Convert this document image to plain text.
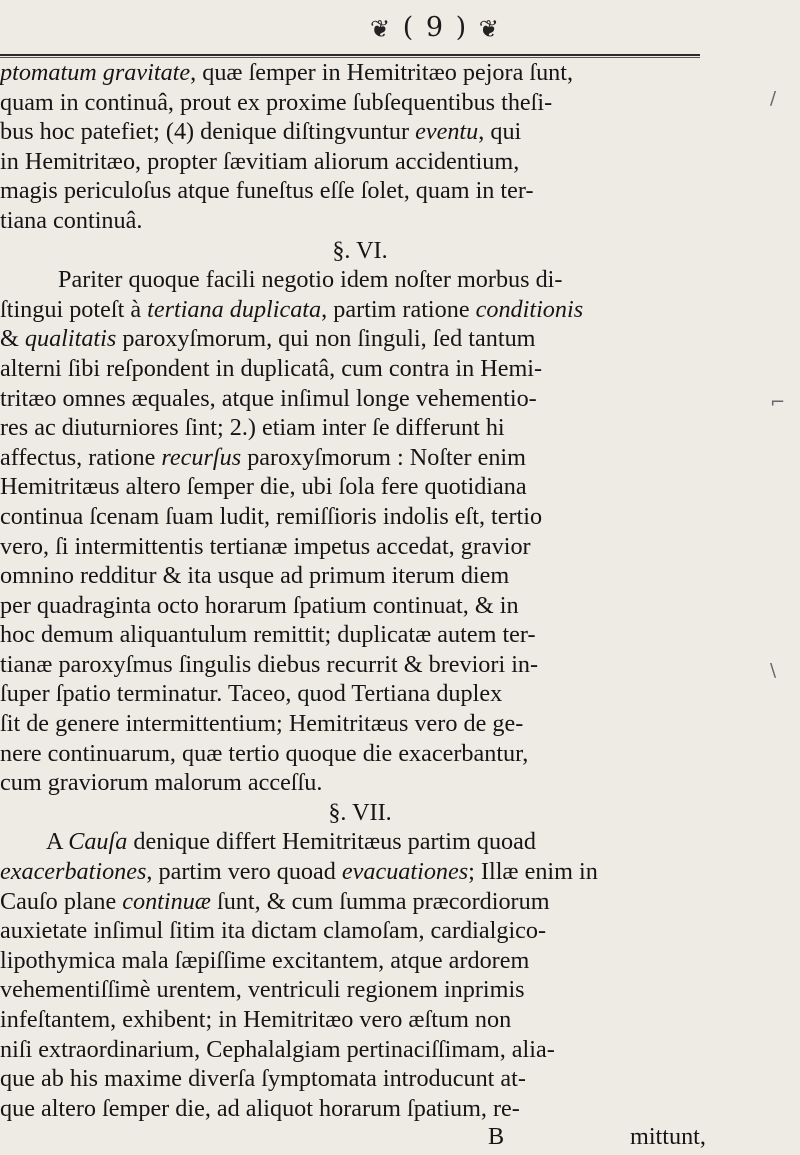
❦ ( 9 ) ❦
ptomatum gravitate, quæ ſemper in Hemitritæo pejora ſunt,
quam in continuâ, prout ex proxime ſubſequentibus theſi-
bus hoc patefiet; (4) denique diſtingvuntur eventu, qui
in Hemitritæo, propter ſævitiam aliorum accidentium,
magis periculoſus atque funeſtus eſſe ſolet, quam in ter-
tiana continuâ.
§. VI.
Pariter quoque facili negotio idem noſter morbus di-
ſtingui poteſt à tertiana duplicata, partim ratione conditionis
& qualitatis paroxyſmorum, qui non ſinguli, ſed tantum
alterni ſibi reſpondent in duplicatâ, cum contra in Hemi-
tritæo omnes æquales, atque inſimul longe vehementio-
res ac diuturniores ſint; 2.) etiam inter ſe differunt hi
affectus, ratione recurſus paroxyſmorum : Noſter enim
Hemitritæus altero ſemper die, ubi ſola fere quotidiana
continua ſcenam ſuam ludit, remiſſioris indolis eſt, tertio
vero, ſi intermittentis tertianæ impetus accedat, gravior
omnino redditur & ita usque ad primum iterum diem
per quadraginta octo horarum ſpatium continuat, & in
hoc demum aliquantulum remittit; duplicatæ autem ter-
tianæ paroxyſmus ſingulis diebus recurrit & breviori in-
ſuper ſpatio terminatur. Taceo, quod Tertiana duplex
ſit de genere intermittentium; Hemitritæus vero de ge-
nere continuarum, quæ tertio quoque die exacerbantur,
cum graviorum malorum acceſſu.
§. VII.
A Cauſa denique differt Hemitritæus partim quoad
exacerbationes, partim vero quoad evacuationes; Illæ enim in
Cauſo plane continuæ ſunt, & cum ſumma præcordiorum
auxietate inſimul ſitim ita dictam clamoſam, cardialgico-
lipothymica mala ſæpiſſime excitantem, atque ardorem
vehementiſſimè urentem, ventriculi regionem inprimis
infeſtantem, exhibent; in Hemitritæo vero æſtum non
niſi extraordinarium, Cephalalgiam pertinaciſſimam, alia-
que ab his maxime diverſa ſymptomata introducunt at-
que altero ſemper die, ad aliquot horarum ſpatium, re-
B	mittunt,
/
⌐
\
